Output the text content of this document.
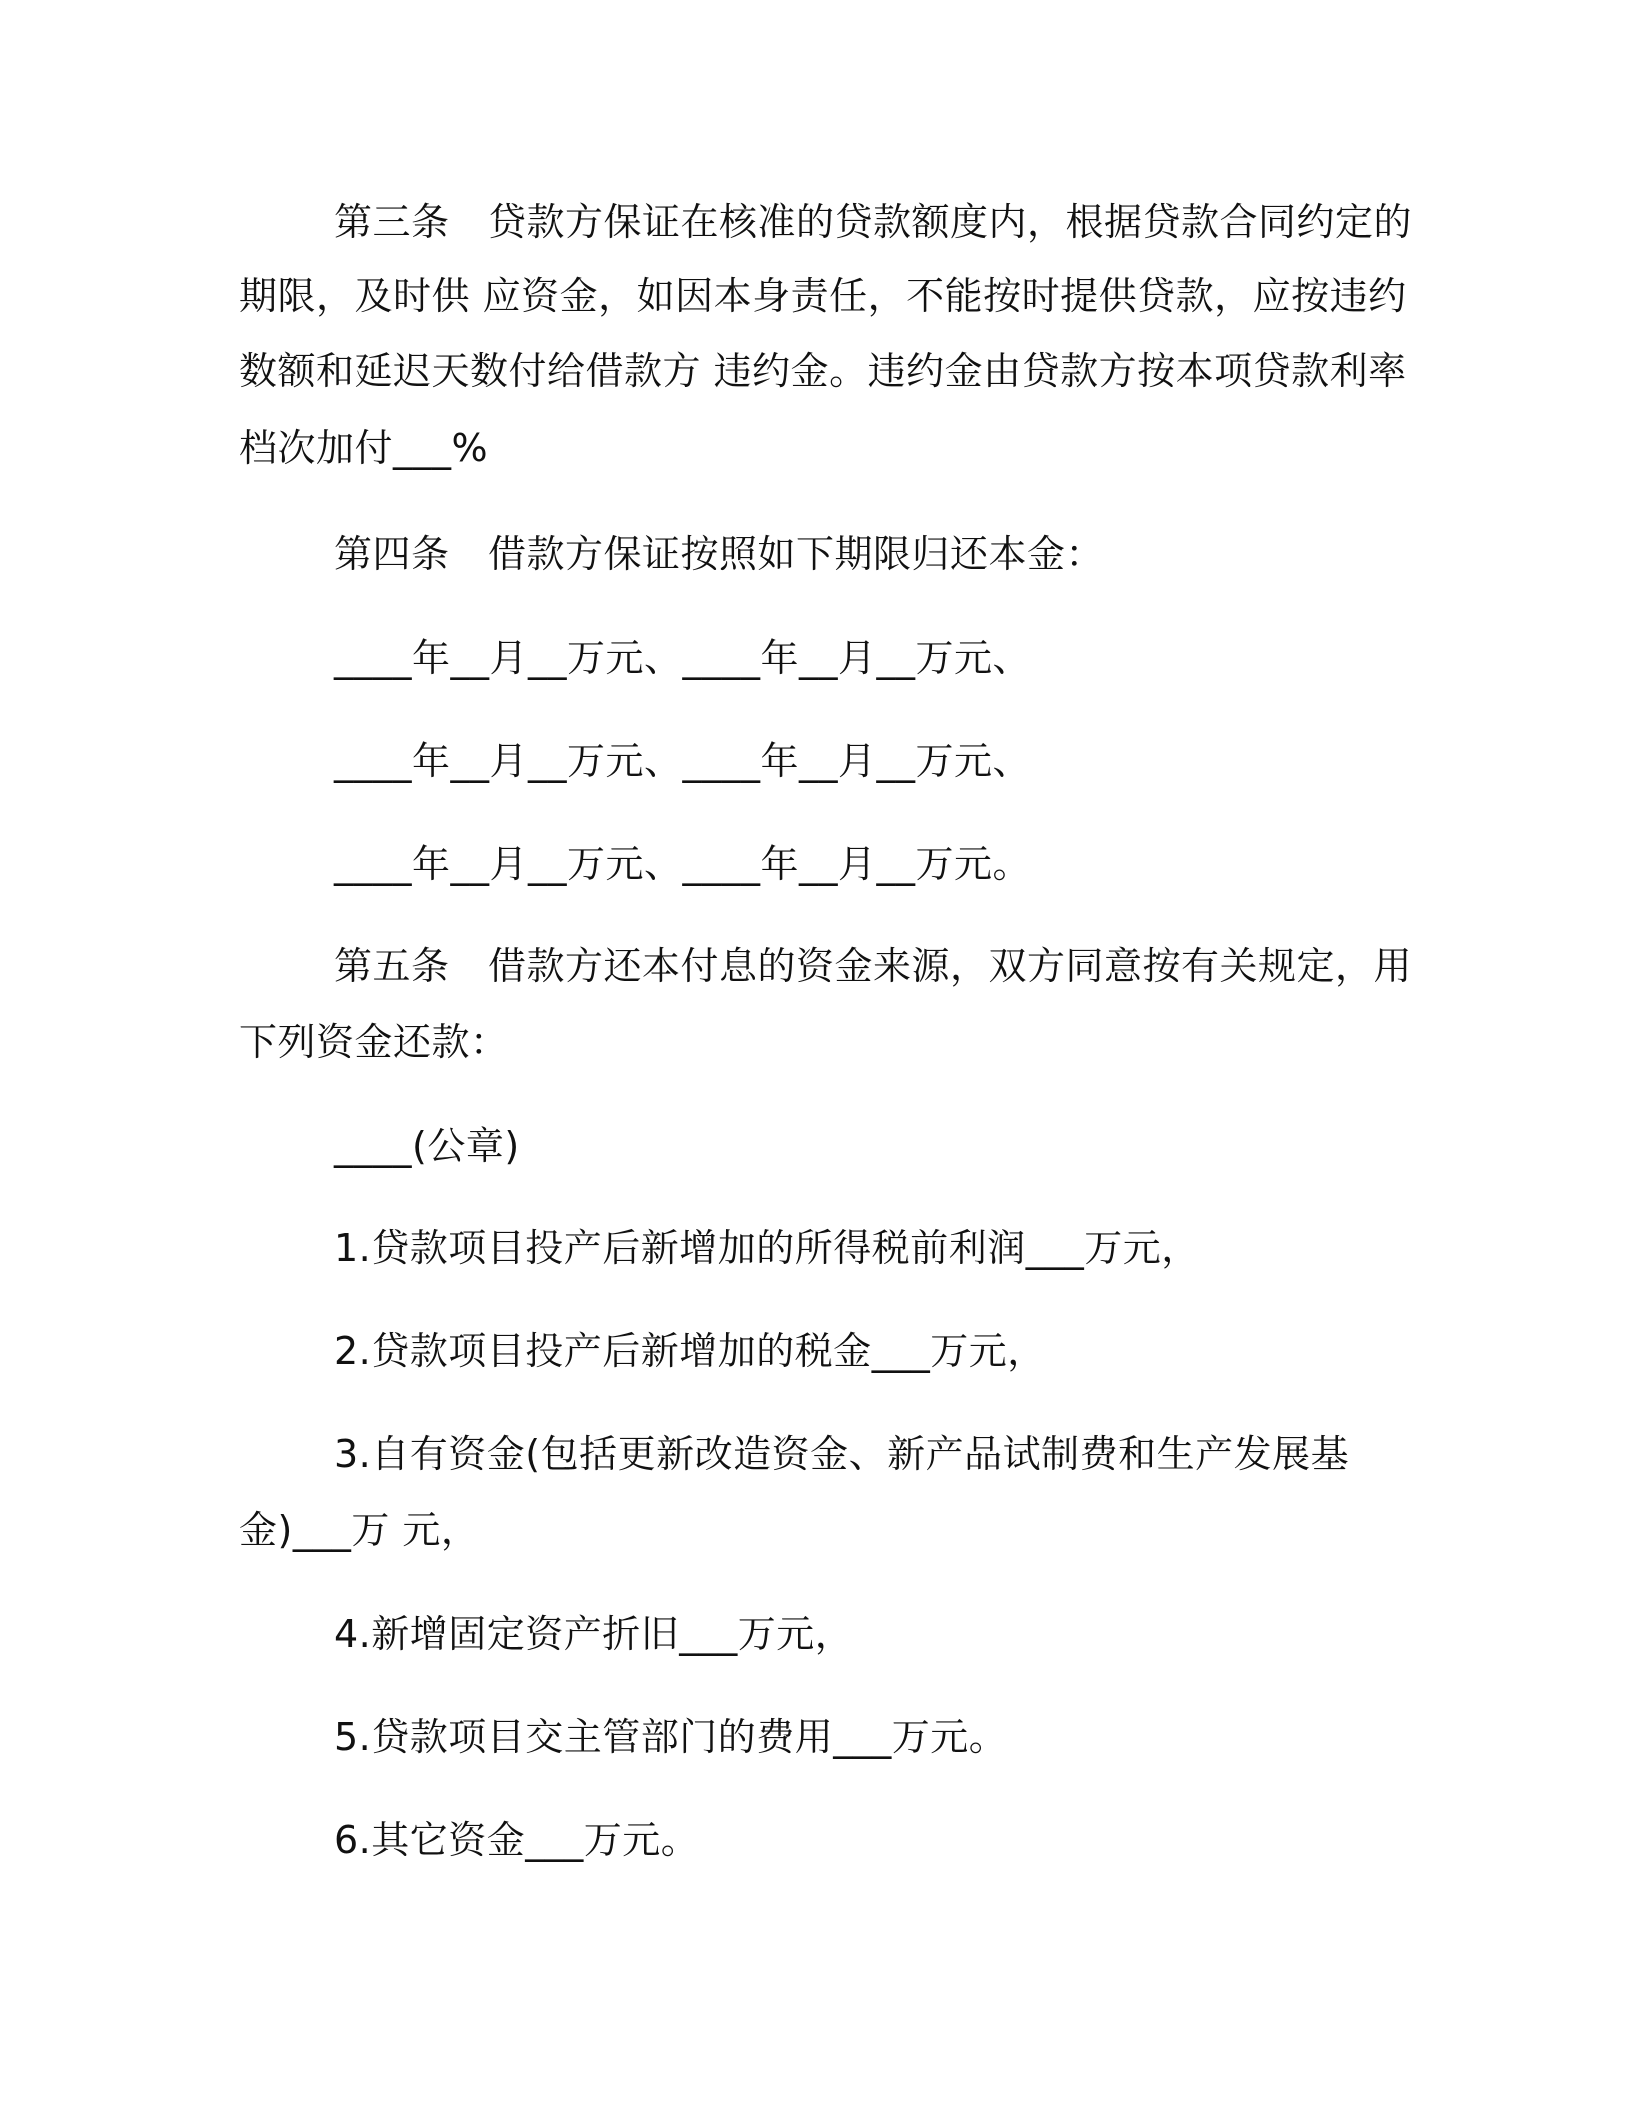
第三条　贷款方保证在核准的贷款额度内，根据贷款合同约定的

期限，及时供 应资金，如因本身责任，不能按时提供贷款，应按违约

数额和延迟天数付给借款方 违约金。违约金由贷款方按本项贷款利率

档次加付___%

第四条　借款方保证按照如下期限归还本金：

____年__月__万元、____年__月__万元、

____年__月__万元、____年__月__万元、

____年__月__万元、____年__月__万元。

第五条　借款方还本付息的资金来源，双方同意按有关规定，用

下列资金还款：

____(公章)

1.贷款项目投产后新增加的所得税前利润___万元，

2.贷款项目投产后新增加的税金___万元，

3.自有资金(包括更新改造资金、新产品试制费和生产发展基

金)___万 元，

4.新增固定资产折旧___万元，

5.贷款项目交主管部门的费用___万元。

6.其它资金___万元。
